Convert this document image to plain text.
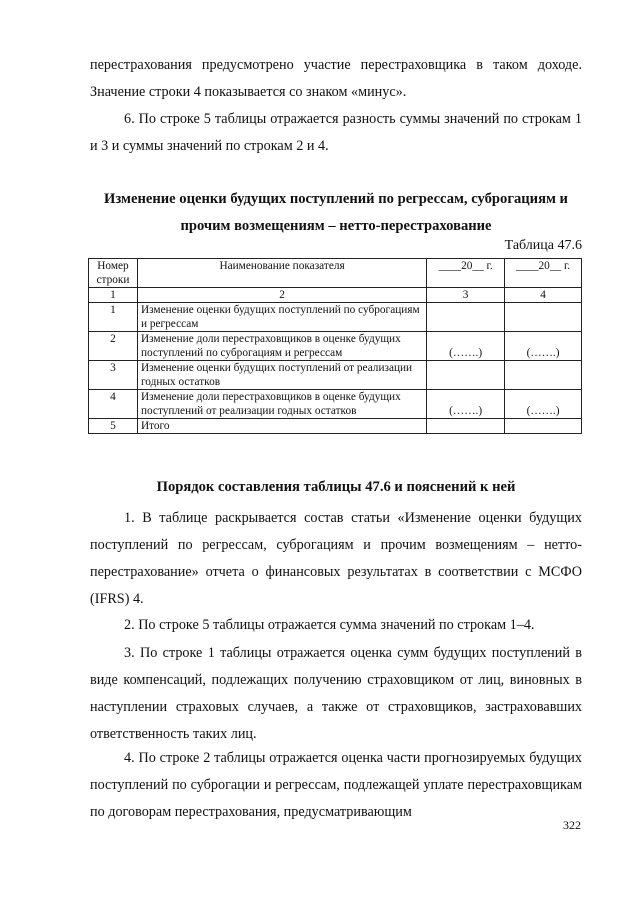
перестрахования предусмотрено участие перестраховщика в таком доходе. Значение строки 4 показывается со знаком «минус».

6. По строке 5 таблицы отражается разность суммы значений по строкам 1 и 3 и суммы значений по строкам 2 и 4.

Изменение оценки будущих поступлений по регрессам, суброгациям и прочим возмещениям – нетто-перестрахование

Таблица 47.6
Номер строки	Наименование показателя	____20__ г.	____20__ г.
1	2	3	4
1	Изменение оценки будущих поступлений по суброгациям и регрессам		
2	Изменение доли перестраховщиков в оценке будущих поступлений по суброгациям и регрессам	(…….)	(…….)
3	Изменение оценки будущих поступлений от реализации годных остатков		
4	Изменение доли перестраховщиков в оценке будущих поступлений от реализации годных остатков	(…….)	(…….)
5	Итого		

Порядок составления таблицы 47.6 и пояснений к ней

1. В таблице раскрывается состав статьи «Изменение оценки будущих поступлений по регрессам, суброгациям и прочим возмещениям – нетто-перестрахование» отчета о финансовых результатах в соответствии с МСФО (IFRS) 4.

2. По строке 5 таблицы отражается сумма значений по строкам 1–4.

3. По строке 1 таблицы отражается оценка сумм будущих поступлений в виде компенсаций, подлежащих получению страховщиком от лиц, виновных в наступлении страховых случаев, а также от страховщиков, застраховавших ответственность таких лиц.

4. По строке 2 таблицы отражается оценка части прогнозируемых будущих поступлений по суброгации и регрессам, подлежащей уплате перестраховщикам по договорам перестрахования, предусматривающим

322
